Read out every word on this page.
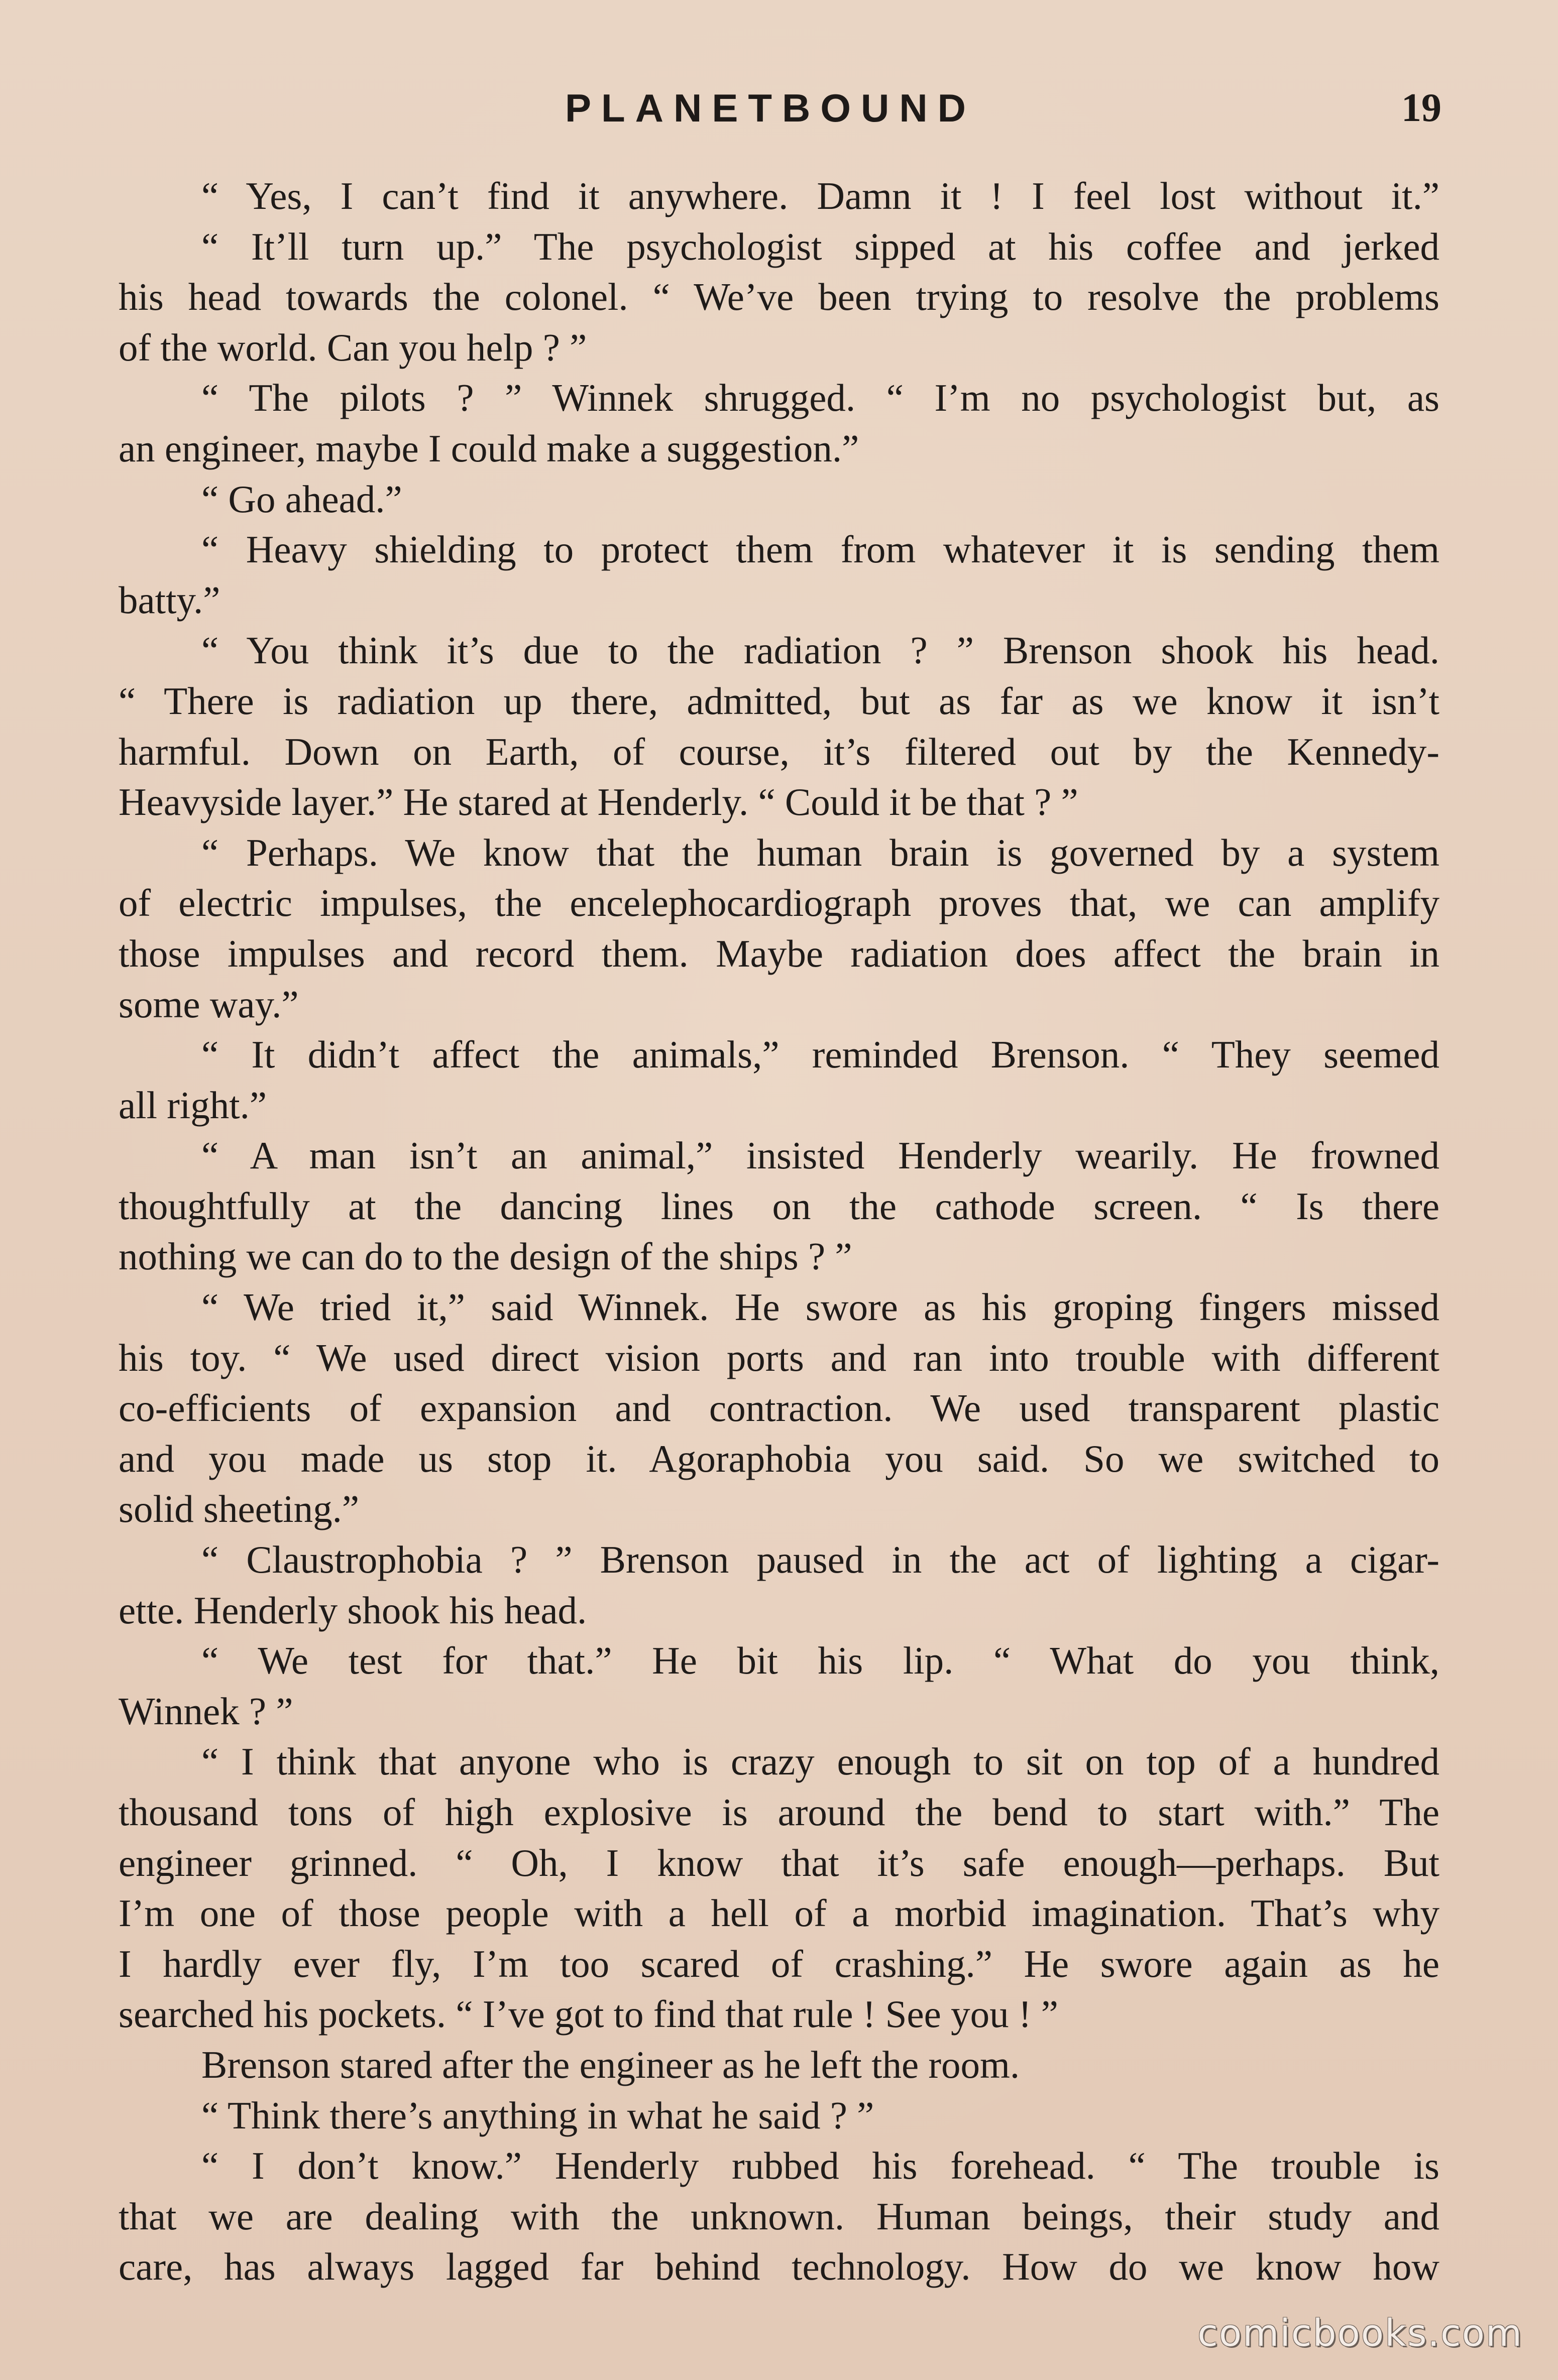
PLANETBOUND	19
“ Yes, I can’t find it anywhere. Damn it ! I feel lost without it.”
“ It’ll turn up.” The psychologist sipped at his coffee and jerked
his head towards the colonel. “ We’ve been trying to resolve the problems
of the world. Can you help ? ”
“ The pilots ? ” Winnek shrugged. “ I’m no psychologist but, as
an engineer, maybe I could make a suggestion.”
“ Go ahead.”
“ Heavy shielding to protect them from whatever it is sending them
batty.”
“ You think it’s due to the radiation ? ” Brenson shook his head.
“ There is radiation up there, admitted, but as far as we know it isn’t
harmful. Down on Earth, of course, it’s filtered out by the Kennedy-
Heavyside layer.” He stared at Henderly. “ Could it be that ? ”
“ Perhaps. We know that the human brain is governed by a system
of electric impulses, the encelephocardiograph proves that, we can amplify
those impulses and record them. Maybe radiation does affect the brain in
some way.”
“ It didn’t affect the animals,” reminded Brenson. “ They seemed
all right.”
“ A man isn’t an animal,” insisted Henderly wearily. He frowned
thoughtfully at the dancing lines on the cathode screen. “ Is there
nothing we can do to the design of the ships ? ”
“ We tried it,” said Winnek. He swore as his groping fingers missed
his toy. “ We used direct vision ports and ran into trouble with different
co-efficients of expansion and contraction. We used transparent plastic
and you made us stop it. Agoraphobia you said. So we switched to
solid sheeting.”
“ Claustrophobia ? ” Brenson paused in the act of lighting a cigar-
ette. Henderly shook his head.
“ We test for that.” He bit his lip. “ What do you think,
Winnek ? ”
“ I think that anyone who is crazy enough to sit on top of a hundred
thousand tons of high explosive is around the bend to start with.” The
engineer grinned. “ Oh, I know that it’s safe enough—perhaps. But
I’m one of those people with a hell of a morbid imagination. That’s why
I hardly ever fly, I’m too scared of crashing.” He swore again as he
searched his pockets. “ I’ve got to find that rule ! See you ! ”
Brenson stared after the engineer as he left the room.
“ Think there’s anything in what he said ? ”
“ I don’t know.” Henderly rubbed his forehead. “ The trouble is
that we are dealing with the unknown. Human beings, their study and
care, has always lagged far behind technology. How do we know how
comicbooks.com
